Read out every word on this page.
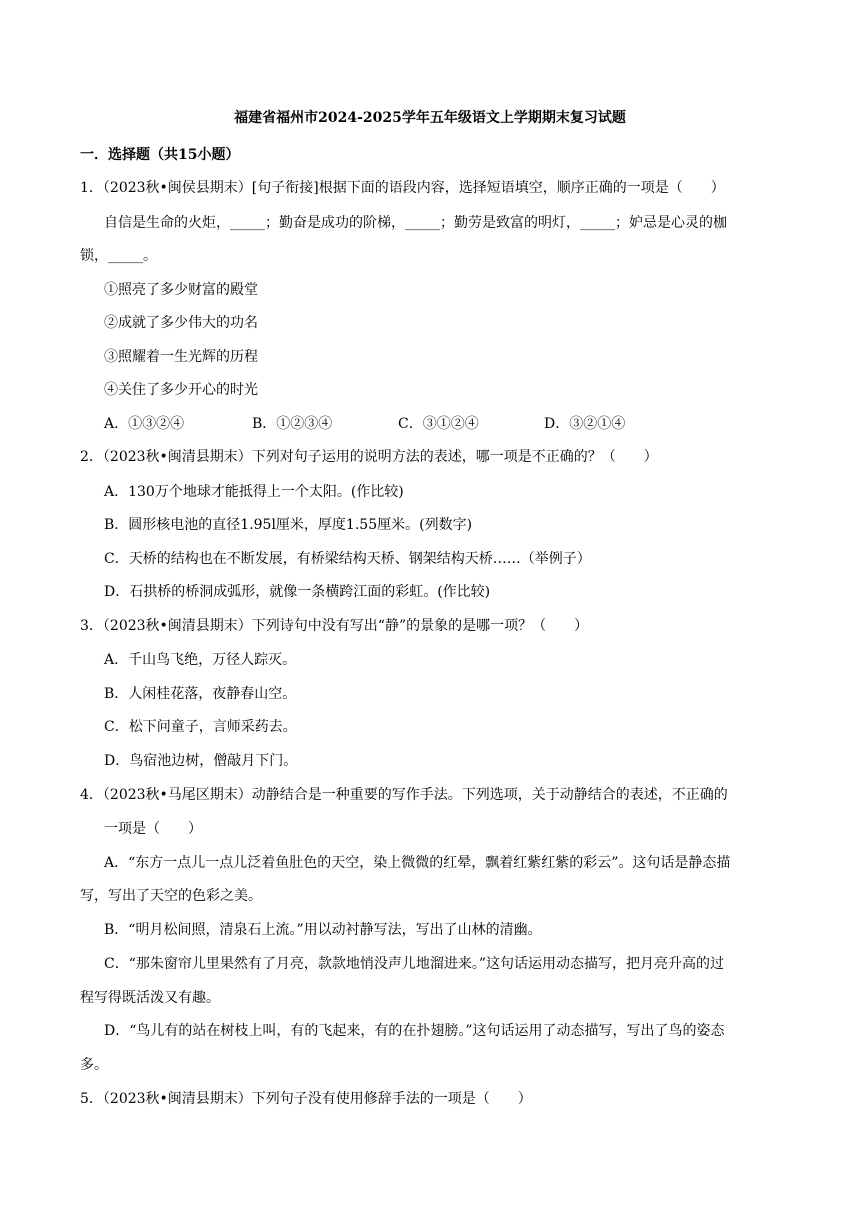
福建省福州市2024-2025学年五年级语文上学期期末复习试题
一．选择题（共15小题）
1．（2023秋•闽侯县期末）[句子衔接]根据下面的语段内容，选择短语填空，顺序正确的一项是（　　）
自信是生命的火炬，_____；勤奋是成功的阶梯，_____；勤劳是致富的明灯，_____；妒忌是心灵的枷
锁，_____。
①照亮了多少财富的殿堂
②成就了多少伟大的功名
③照耀着一生光辉的历程
④关住了多少开心的时光
A．①③②④	B．①②③④	C．③①②④	D．③②①④
2．（2023秋•闽清县期末）下列对句子运用的说明方法的表述，哪一项是不正确的？（　　）
A．130万个地球才能抵得上一个太阳。(作比较)
B．圆形核电池的直径1.95l厘米，厚度1.55厘米。(列数字)
C．天桥的结构也在不断发展，有桥梁结构天桥、钢架结构天桥……（举例子）
D．石拱桥的桥洞成弧形，就像一条横跨江面的彩虹。(作比较)
3．（2023秋•闽清县期末）下列诗句中没有写出“静”的景象的是哪一项？（　　）
A．千山鸟飞绝，万径人踪灭。
B．人闲桂花落，夜静春山空。
C．松下问童子，言师采药去。
D．鸟宿池边树，僧敲月下门。
4．（2023秋•马尾区期末）动静结合是一种重要的写作手法。下列选项，关于动静结合的表述，不正确的
一项是（　　）
A．“东方一点儿一点儿泛着鱼肚色的天空，染上微微的红晕，飘着红紫红紫的彩云”。这句话是静态描
写，写出了天空的色彩之美。
B．“明月松间照，清泉石上流。”用以动衬静写法，写出了山林的清幽。
C．“那朱窗帘儿里果然有了月亮，款款地悄没声儿地溜进来。”这句话运用动态描写，把月亮升高的过
程写得既活泼又有趣。
D．“鸟儿有的站在树枝上叫，有的飞起来，有的在扑翅膀。”这句话运用了动态描写，写出了鸟的姿态
多。
5．（2023秋•闽清县期末）下列句子没有使用修辞手法的一项是（　　）
